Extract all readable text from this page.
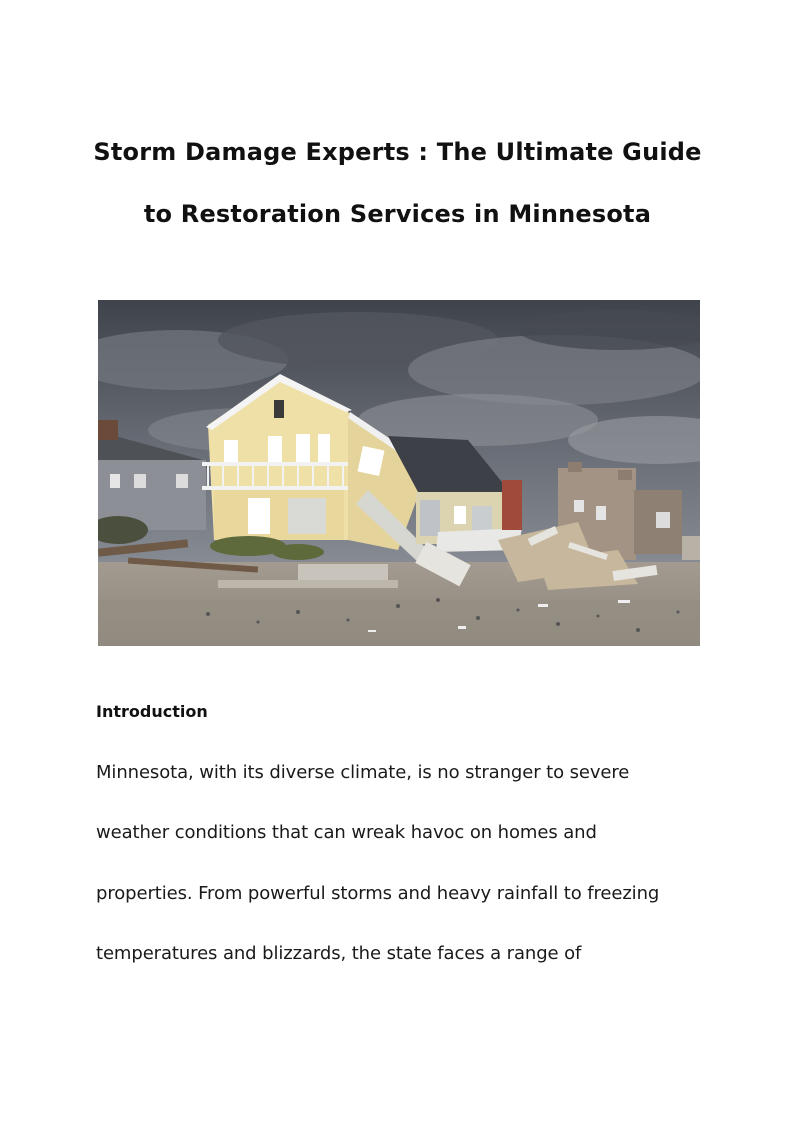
Storm Damage Experts : The Ultimate Guide
to Restoration Services in Minnesota
Introduction
Minnesota, with its diverse climate, is no stranger to severe
weather conditions that can wreak havoc on homes and
properties. From powerful storms and heavy rainfall to freezing
temperatures and blizzards, the state faces a range of
